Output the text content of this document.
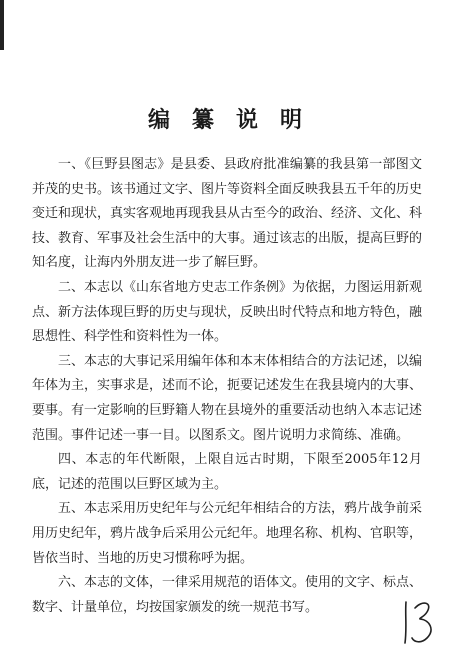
编纂说明

一、《巨野县图志》是县委、县政府批准编纂的我县第一部图文并茂的史书。该书通过文字、图片等资料全面反映我县五千年的历史变迁和现状，真实客观地再现我县从古至今的政治、经济、文化、科技、教育、军事及社会生活中的大事。通过该志的出版，提高巨野的知名度，让海内外朋友进一步了解巨野。

二、本志以《山东省地方史志工作条例》为依据，力图运用新观点、新方法体现巨野的历史与现状，反映出时代特点和地方特色，融思想性、科学性和资料性为一体。

三、本志的大事记采用编年体和本末体相结合的方法记述，以编年体为主，实事求是，述而不论，扼要记述发生在我县境内的大事、要事。有一定影响的巨野籍人物在县境外的重要活动也纳入本志记述范围。事件记述一事一目。以图系文。图片说明力求简练、准确。

四、本志的年代断限，上限自远古时期，下限至2005年12月底，记述的范围以巨野区域为主。

五、本志采用历史纪年与公元纪年相结合的方法，鸦片战争前采用历史纪年，鸦片战争后采用公元纪年。地理名称、机构、官职等，皆依当时、当地的历史习惯称呼为据。

六、本志的文体，一律采用规范的语体文。使用的文字、标点、数字、计量单位，均按国家颁发的统一规范书写。
